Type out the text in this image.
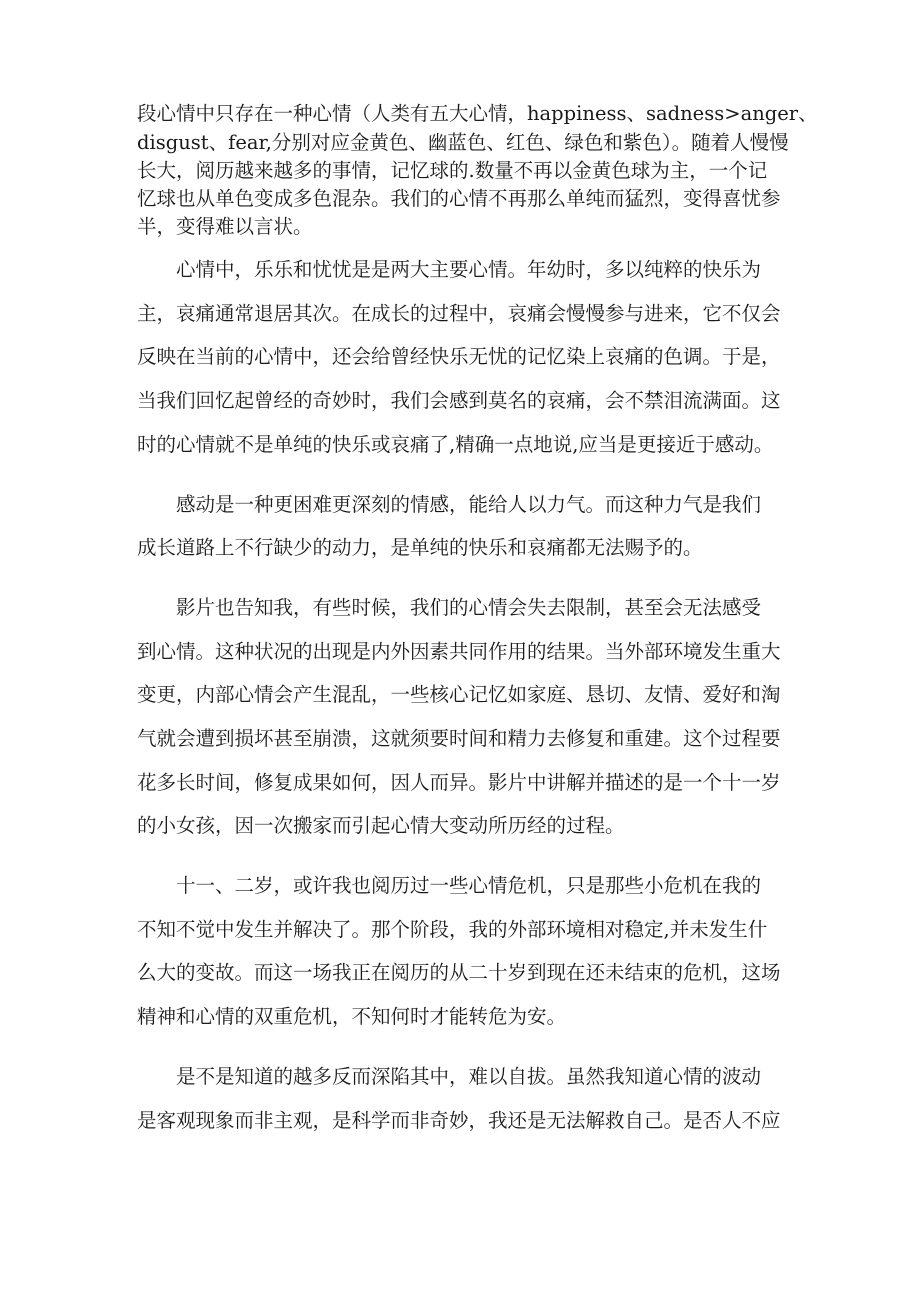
段心情中只存在一种心情（人类有五大心情，happiness、sadness>anger、
disgust、fear,分别对应金黄色、幽蓝色、红色、绿色和紫色）。随着人慢慢
长大，阅历越来越多的事情，记忆球的.数量不再以金黄色球为主，一个记
忆球也从单色变成多色混杂。我们的心情不再那么单纯而猛烈，变得喜忧参
半，变得难以言状。
心情中，乐乐和忧忧是是两大主要心情。年幼时，多以纯粹的快乐为
主，哀痛通常退居其次。在成长的过程中，哀痛会慢慢参与进来，它不仅会
反映在当前的心情中，还会给曾经快乐无忧的记忆染上哀痛的色调。于是，
当我们回忆起曾经的奇妙时，我们会感到莫名的哀痛，会不禁泪流满面。这
时的心情就不是单纯的快乐或哀痛了,精确一点地说,应当是更接近于感动。
感动是一种更困难更深刻的情感，能给人以力气。而这种力气是我们
成长道路上不行缺少的动力，是单纯的快乐和哀痛都无法赐予的。
影片也告知我，有些时候，我们的心情会失去限制，甚至会无法感受
到心情。这种状况的出现是内外因素共同作用的结果。当外部环境发生重大
变更，内部心情会产生混乱，一些核心记忆如家庭、恳切、友情、爱好和淘
气就会遭到损坏甚至崩溃，这就须要时间和精力去修复和重建。这个过程要
花多长时间，修复成果如何，因人而异。影片中讲解并描述的是一个十一岁
的小女孩，因一次搬家而引起心情大变动所历经的过程。
十一、二岁，或许我也阅历过一些心情危机，只是那些小危机在我的
不知不觉中发生并解决了。那个阶段，我的外部环境相对稳定,并未发生什
么大的变故。而这一场我正在阅历的从二十岁到现在还未结束的危机，这场
精神和心情的双重危机，不知何时才能转危为安。
是不是知道的越多反而深陷其中，难以自拔。虽然我知道心情的波动
是客观现象而非主观，是科学而非奇妙，我还是无法解救自己。是否人不应
